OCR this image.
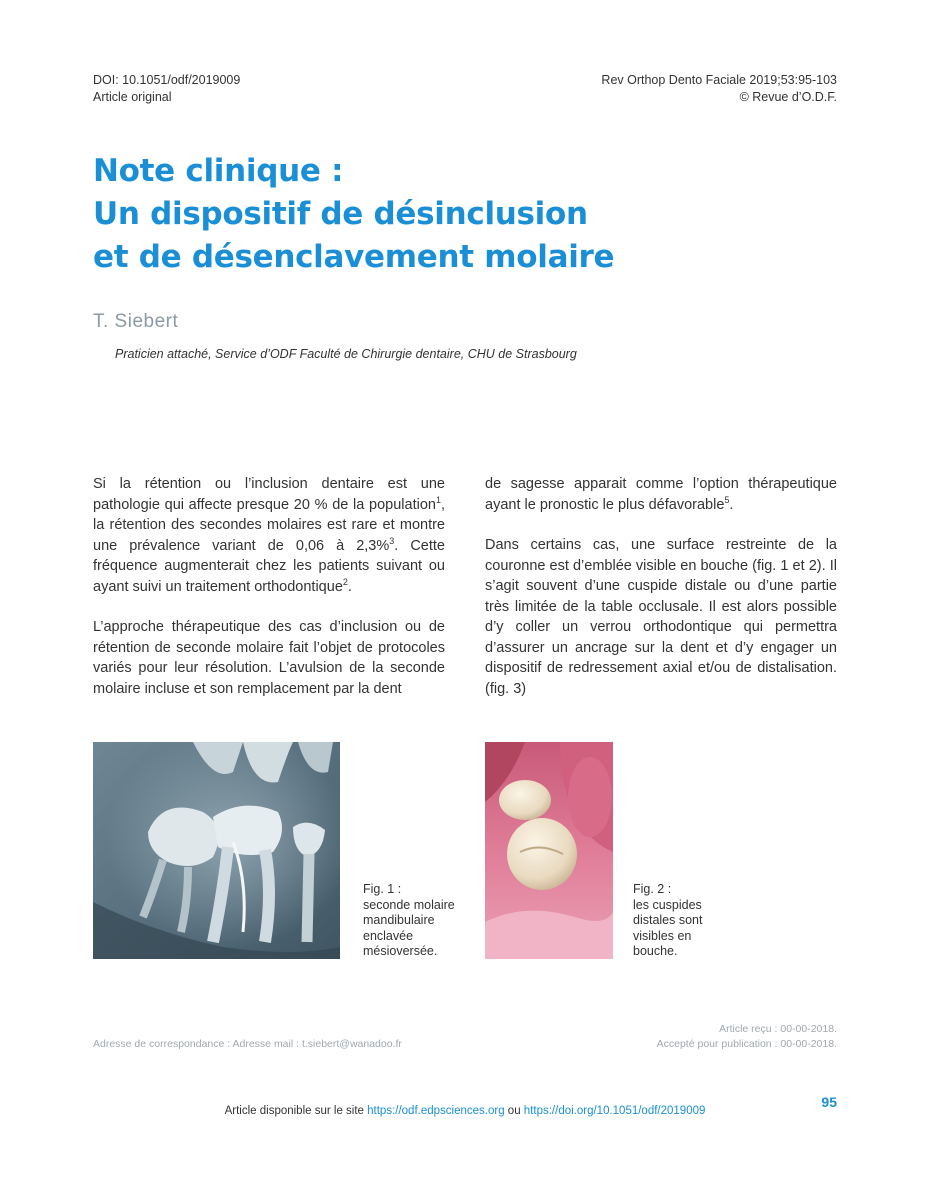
DOI: 10.1051/odf/2019009
Article original
Rev Orthop Dento Faciale 2019;53:95-103
© Revue d’O.D.F.
Note clinique :
Un dispositif de désinclusion
et de désenclavement molaire
T. Siebert
Praticien attaché, Service d’ODF Faculté de Chirurgie dentaire, CHU de Strasbourg

Si la rétention ou l’inclusion dentaire est une pathologie qui affecte presque 20 % de la population$^1$, la rétention des secondes molaires est rare et montre une prévalence variant de 0,06 à 2,3%$^3$. Cette fréquence augmenterait chez les patients suivant ou ayant suivi un traitement orthodontique$^2$.

L’approche thérapeutique des cas d’inclusion ou de rétention de seconde molaire fait l’objet de protocoles variés pour leur résolution. L’avulsion de la seconde molaire incluse et son remplacement par la dent

de sagesse apparait comme l’option thérapeutique ayant le pronostic le plus défavorable$^5$.

Dans certains cas, une surface restreinte de la couronne est d’emblée visible en bouche (fig. 1 et 2). Il s’agit souvent d’une cuspide distale ou d’une partie très limitée de la table occlusale. Il est alors possible d’y coller un verrou orthodontique qui permettra d’assurer un ancrage sur la dent et d’y engager un dispositif de redressement axial et/ou de distalisation. (fig. 3)

Fig. 1 :
seconde molaire
mandibulaire
enclavée
mésioversée.
Fig. 2 :
les cuspides
distales sont
visibles en
bouche.
Adresse de correspondance : Adresse mail : t.siebert@wanadoo.fr
Article reçu : 00-00-2018.
Accepté pour publication : 00-00-2018.
95
Article disponible sur le site https://odf.edpsciences.org ou https://doi.org/10.1051/odf/2019009
